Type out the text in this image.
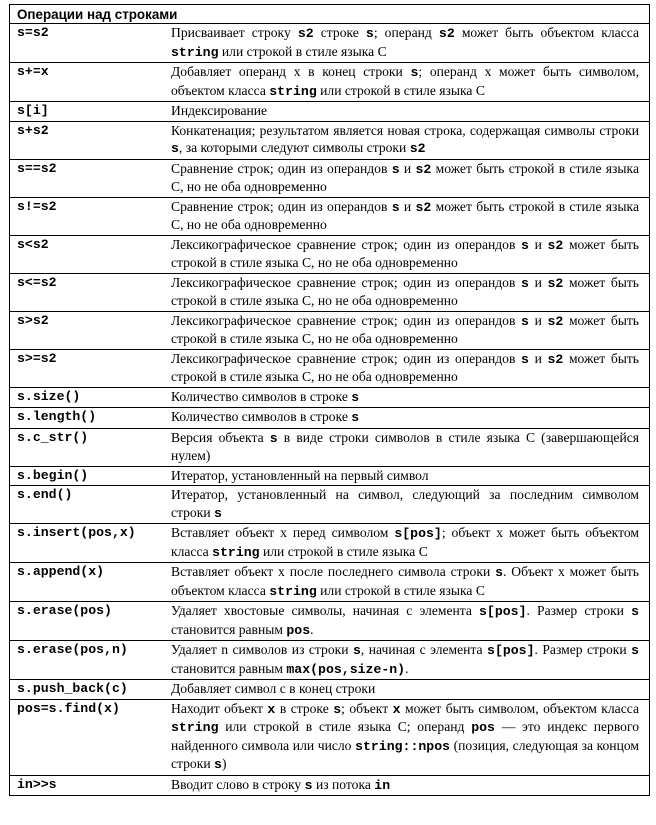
Операции над строками
s=s2	Присваивает строку s2 строке s; операнд s2 может быть объектом класса string или строкой в стиле языка С
s+=x	Добавляет операнд x в конец строки s; операнд x может быть символом, объектом класса string или строкой в стиле языка С
s[i]	Индексирование
s+s2	Конкатенация; результатом является новая строка, содержащая символы строки s, за которыми следуют символы строки s2
s==s2	Сравнение строк; один из операндов s и s2 может быть строкой в стиле языка С, но не оба одновременно
s!=s2	Сравнение строк; один из операндов s и s2 может быть строкой в стиле языка С, но не оба одновременно
s<s2	Лексикографическое сравнение строк; один из операндов s и s2 может быть строкой в стиле языка С, но не оба одновременно
s<=s2	Лексикографическое сравнение строк; один из операндов s и s2 может быть строкой в стиле языка С, но не оба одновременно
s>s2	Лексикографическое сравнение строк; один из операндов s и s2 может быть строкой в стиле языка С, но не оба одновременно
s>=s2	Лексикографическое сравнение строк; один из операндов s и s2 может быть строкой в стиле языка С, но не оба одновременно
s.size()	Количество символов в строке s
s.length()	Количество символов в строке s
s.c_str()	Версия объекта s в виде строки символов в стиле языка С (завершающейся нулем)
s.begin()	Итератор, установленный на первый символ
s.end()	Итератор, установленный на символ, следующий за последним символом строки s
s.insert(pos,x)	Вставляет объект x перед символом s[pos]; объект x может быть объектом класса string или строкой в стиле языка С
s.append(x)	Вставляет объект x после последнего символа строки s. Объект x может быть объектом класса string или строкой в стиле языка С
s.erase(pos)	Удаляет хвостовые символы, начиная с элемента s[pos]. Размер строки s становится равным pos.
s.erase(pos,n)	Удаляет n символов из строки s, начиная с элемента s[pos]. Размер строки s становится равным max(pos,size-n).
s.push_back(c)	Добавляет символ c в конец строки
pos=s.find(x)	Находит объект x в строке s; объект x может быть символом, объектом класса string или строкой в стиле языка С; операнд pos — это индекс первого найденного символа или число string::npos (позиция, следующая за концом строки s)
in>>s	Вводит слово в строку s из потока in
